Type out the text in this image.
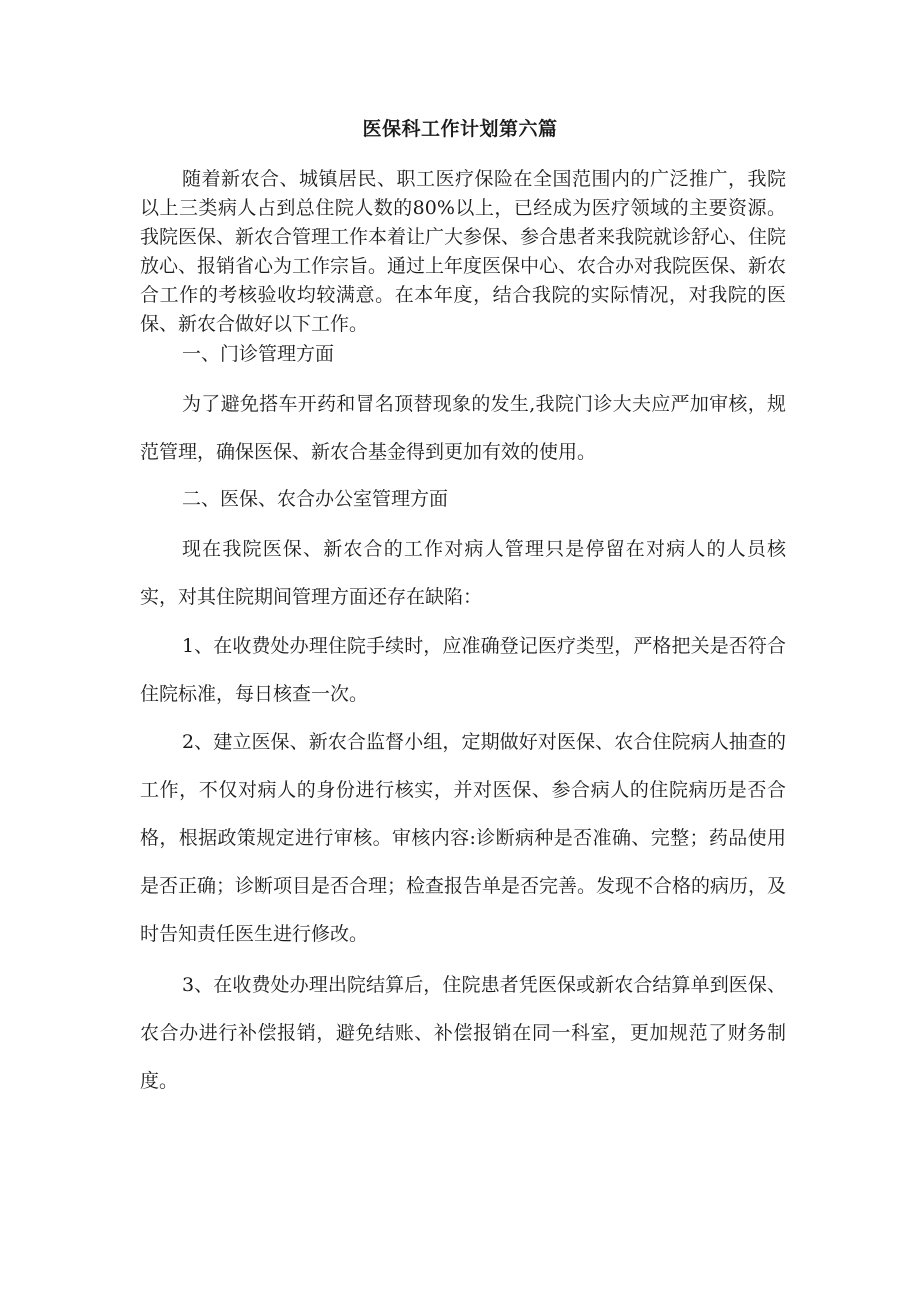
医保科工作计划第六篇

随着新农合、城镇居民、职工医疗保险在全国范围内的广泛推广，我院以上三类病人占到总住院人数的80%以上，已经成为医疗领域的主要资源。我院医保、新农合管理工作本着让广大参保、参合患者来我院就诊舒心、住院放心、报销省心为工作宗旨。通过上年度医保中心、农合办对我院医保、新农合工作的考核验收均较满意。在本年度，结合我院的实际情况，对我院的医保、新农合做好以下工作。

一、门诊管理方面

为了避免搭车开药和冒名顶替现象的发生,我院门诊大夫应严加审核，规范管理，确保医保、新农合基金得到更加有效的使用。

二、医保、农合办公室管理方面

现在我院医保、新农合的工作对病人管理只是停留在对病人的人员核实，对其住院期间管理方面还存在缺陷：

1、在收费处办理住院手续时，应准确登记医疗类型，严格把关是否符合住院标准，每日核查一次。

2、建立医保、新农合监督小组，定期做好对医保、农合住院病人抽查的工作，不仅对病人的身份进行核实，并对医保、参合病人的住院病历是否合格，根据政策规定进行审核。审核内容:诊断病种是否准确、完整；药品使用是否正确；诊断项目是否合理；检查报告单是否完善。发现不合格的病历，及时告知责任医生进行修改。

3、在收费处办理出院结算后，住院患者凭医保或新农合结算单到医保、农合办进行补偿报销，避免结账、补偿报销在同一科室，更加规范了财务制度。
